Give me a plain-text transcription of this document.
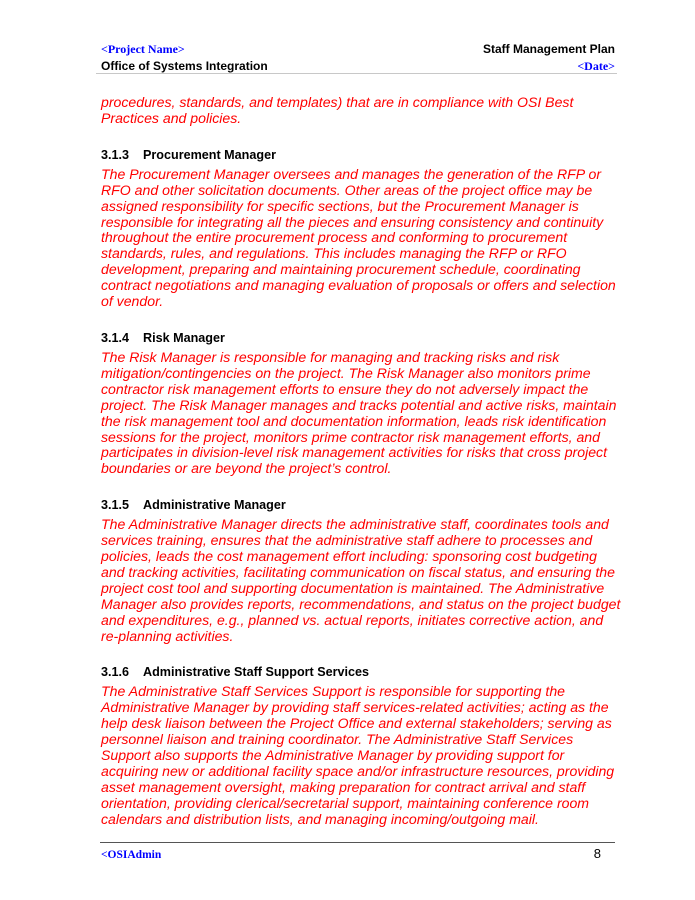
<Project Name>	Staff Management Plan
Office of Systems Integration	<Date>

procedures, standards, and templates) that are in compliance with OSI Best Practices and policies.

3.1.3	Procurement Manager

The Procurement Manager oversees and manages the generation of the RFP or RFO and other solicitation documents. Other areas of the project office may be assigned responsibility for specific sections, but the Procurement Manager is responsible for integrating all the pieces and ensuring consistency and continuity throughout the entire procurement process and conforming to procurement standards, rules, and regulations. This includes managing the RFP or RFO development, preparing and maintaining procurement schedule, coordinating contract negotiations and managing evaluation of proposals or offers and selection of vendor.

3.1.4	Risk Manager

The Risk Manager is responsible for managing and tracking risks and risk mitigation/contingencies on the project. The Risk Manager also monitors prime contractor risk management efforts to ensure they do not adversely impact the project. The Risk Manager manages and tracks potential and active risks, maintain the risk management tool and documentation information, leads risk identification sessions for the project, monitors prime contractor risk management efforts, and participates in division-level risk management activities for risks that cross project boundaries or are beyond the project’s control.

3.1.5	Administrative Manager

The Administrative Manager directs the administrative staff, coordinates tools and services training, ensures that the administrative staff adhere to processes and policies, leads the cost management effort including: sponsoring cost budgeting and tracking activities, facilitating communication on fiscal status, and ensuring the project cost tool and supporting documentation is maintained. The Administrative Manager also provides reports, recommendations, and status on the project budget and expenditures, e.g., planned vs. actual reports, initiates corrective action, and re-planning activities.

3.1.6	Administrative Staff Support Services

The Administrative Staff Services Support is responsible for supporting the Administrative Manager by providing staff services-related activities; acting as the help desk liaison between the Project Office and external stakeholders; serving as personnel liaison and training coordinator. The Administrative Staff Services Support also supports the Administrative Manager by providing support for acquiring new or additional facility space and/or infrastructure resources, providing asset management oversight, making preparation for contract arrival and staff orientation, providing clerical/secretarial support, maintaining conference room calendars and distribution lists, and managing incoming/outgoing mail.

<OSIAdmin	8
